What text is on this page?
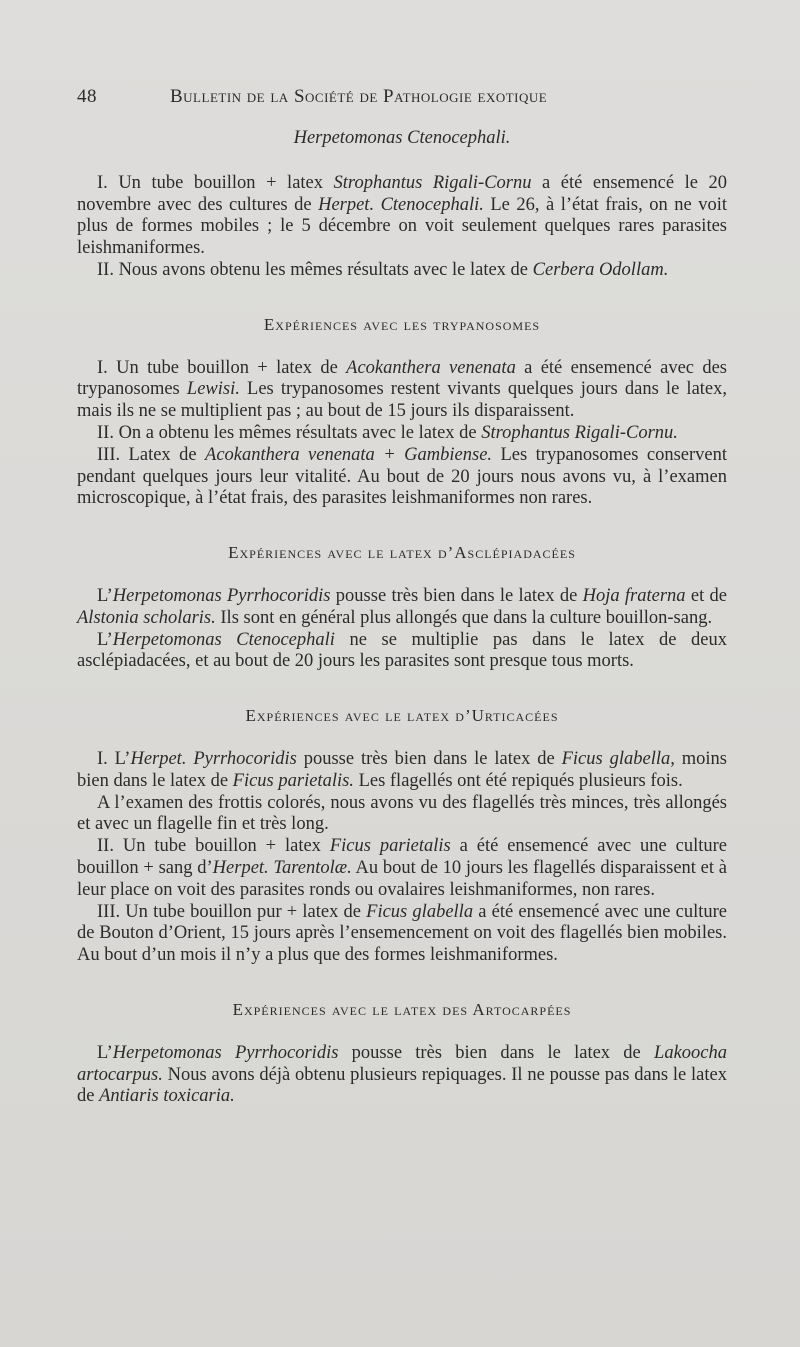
48	Bulletin de la Société de Pathologie exotique
Herpetomonas Ctenocephali.

I. Un tube bouillon + latex Strophantus Rigali-Cornu a été ensemencé le 20 novembre avec des cultures de Herpet. Ctenocephali. Le 26, à l’état frais, on ne voit plus de formes mobiles ; le 5 décembre on voit seulement quelques rares parasites leishmaniformes.

II. Nous avons obtenu les mêmes résultats avec le latex de Cerbera Odollam.

Expériences avec les trypanosomes

I. Un tube bouillon + latex de Acokanthera venenata a été ensemencé avec des trypanosomes Lewisi. Les trypanosomes restent vivants quelques jours dans le latex, mais ils ne se multiplient pas ; au bout de 15 jours ils disparaissent.

II. On a obtenu les mêmes résultats avec le latex de Strophantus Rigali-Cornu.

III. Latex de Acokanthera venenata + Gambiense. Les trypanosomes conservent pendant quelques jours leur vitalité. Au bout de 20 jours nous avons vu, à l’examen microscopique, à l’état frais, des parasites leishmaniformes non rares.

Expériences avec le latex d’Asclépiadacées

L’Herpetomonas Pyrrhocoridis pousse très bien dans le latex de Hoja fraterna et de Alstonia scholaris. Ils sont en général plus allongés que dans la culture bouillon-sang.

L’Herpetomonas Ctenocephali ne se multiplie pas dans le latex de deux asclépiadacées, et au bout de 20 jours les parasites sont presque tous morts.

Expériences avec le latex d’Urticacées

I. L’Herpet. Pyrrhocoridis pousse très bien dans le latex de Ficus glabella, moins bien dans le latex de Ficus parietalis. Les flagellés ont été repiqués plusieurs fois.

A l’examen des frottis colorés, nous avons vu des flagellés très minces, très allongés et avec un flagelle fin et très long.

II. Un tube bouillon + latex Ficus parietalis a été ensemencé avec une culture bouillon + sang d’Herpet. Tarentolæ. Au bout de 10 jours les flagellés disparaissent et à leur place on voit des parasites ronds ou ovalaires leishmaniformes, non rares.

III. Un tube bouillon pur + latex de Ficus glabella a été ensemencé avec une culture de Bouton d’Orient, 15 jours après l’ensemencement on voit des flagellés bien mobiles. Au bout d’un mois il n’y a plus que des formes leishmaniformes.

Expériences avec le latex des Artocarpées

L’Herpetomonas Pyrrhocoridis pousse très bien dans le latex de Lakoocha artocarpus. Nous avons déjà obtenu plusieurs repiquages. Il ne pousse pas dans le latex de Antiaris toxicaria.
